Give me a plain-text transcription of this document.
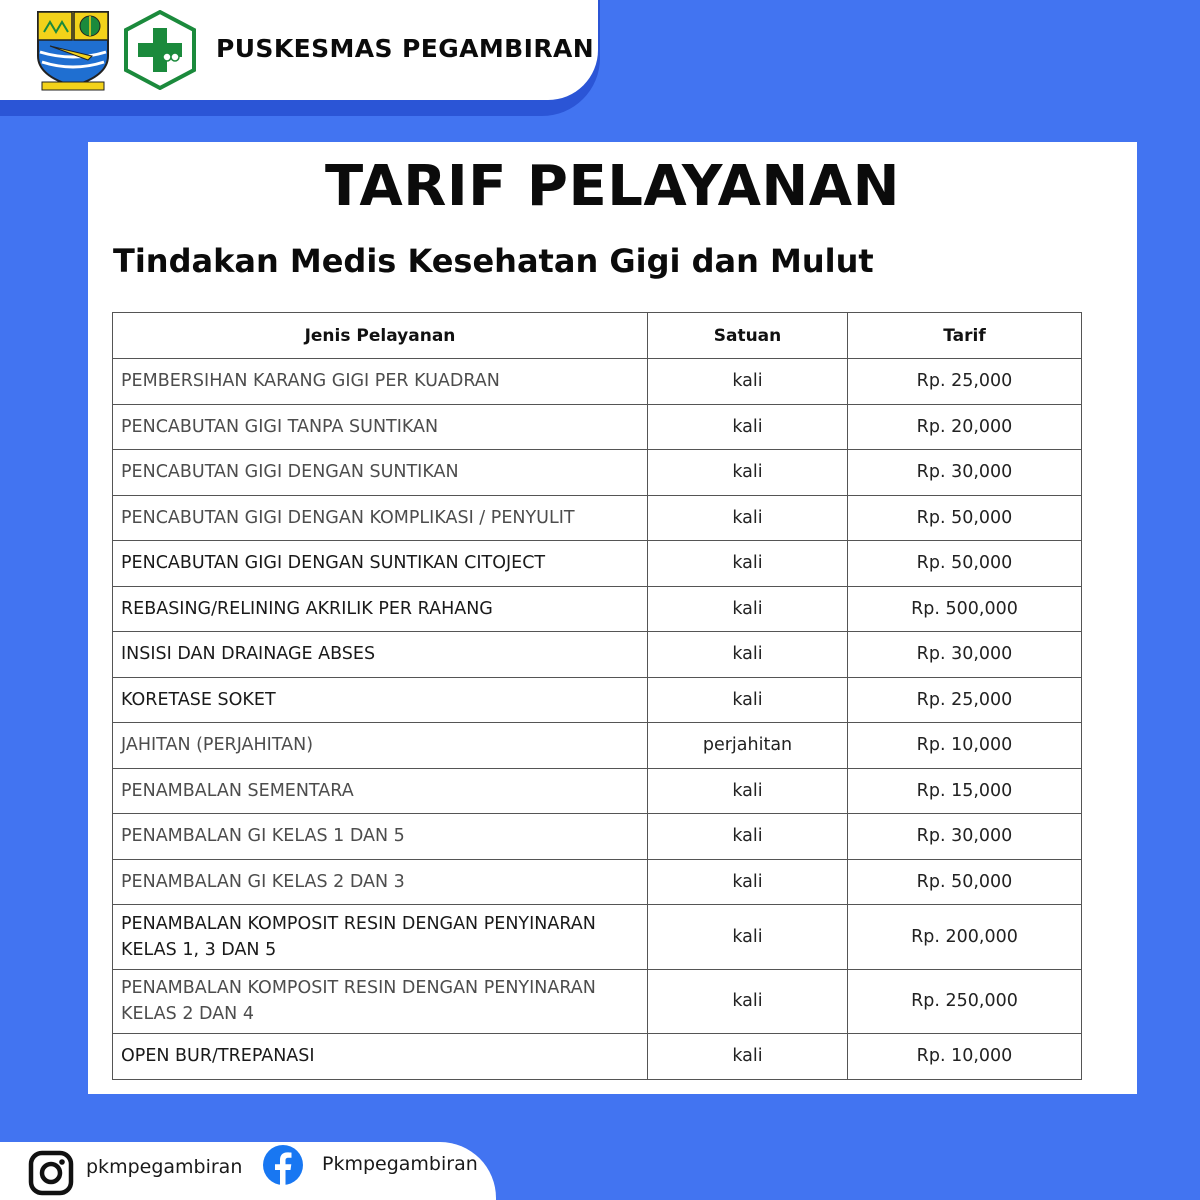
PUSKESMAS PEGAMBIRAN
TARIF PELAYANAN
Tindakan Medis Kesehatan Gigi dan Mulut
Jenis Pelayanan	Satuan	Tarif
PEMBERSIHAN KARANG GIGI PER KUADRAN	kali	Rp. 25,000
PENCABUTAN GIGI TANPA SUNTIKAN	kali	Rp. 20,000
PENCABUTAN GIGI DENGAN SUNTIKAN	kali	Rp. 30,000
PENCABUTAN GIGI DENGAN KOMPLIKASI / PENYULIT	kali	Rp. 50,000
PENCABUTAN GIGI DENGAN SUNTIKAN CITOJECT	kali	Rp. 50,000
REBASING/RELINING AKRILIK PER RAHANG	kali	Rp. 500,000
INSISI DAN DRAINAGE ABSES	kali	Rp. 30,000
KORETASE SOKET	kali	Rp. 25,000
JAHITAN (PERJAHITAN)	perjahitan	Rp. 10,000
PENAMBALAN SEMENTARA	kali	Rp. 15,000
PENAMBALAN GI KELAS 1 DAN 5	kali	Rp. 30,000
PENAMBALAN GI KELAS 2 DAN 3	kali	Rp. 50,000
PENAMBALAN KOMPOSIT RESIN DENGAN PENYINARAN KELAS 1, 3 DAN 5	kali	Rp. 200,000
PENAMBALAN KOMPOSIT RESIN DENGAN PENYINARAN KELAS 2 DAN 4	kali	Rp. 250,000
OPEN BUR/TREPANASI	kali	Rp. 10,000
pkmpegambiran	Pkmpegambiran
